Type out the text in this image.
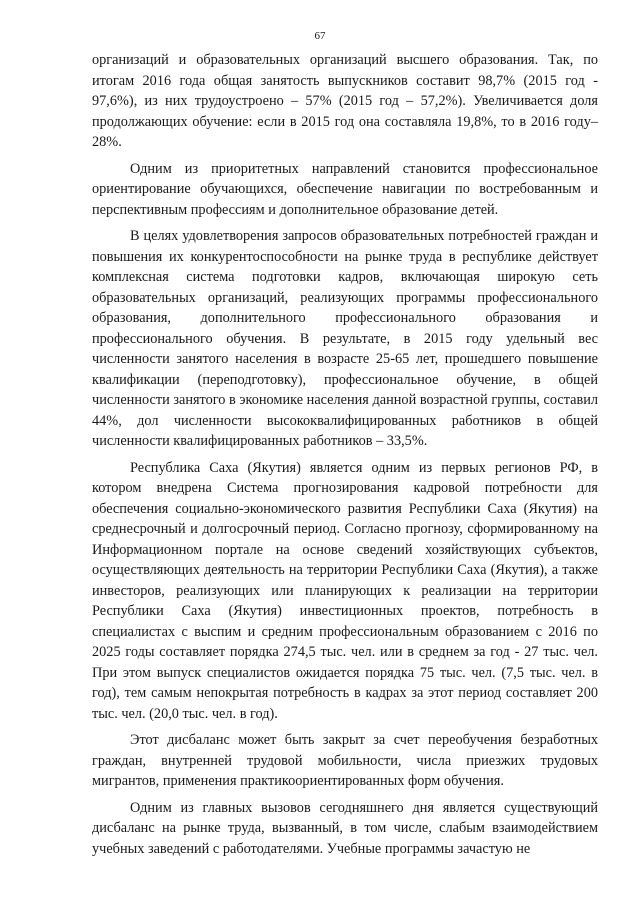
67

организаций и образовательных организаций высшего образования. Так, по итогам 2016 года общая занятость выпускников составит 98,7% (2015 год - 97,6%), из них трудоустроено – 57% (2015 год – 57,2%). Увеличивается доля продолжающих обучение: если в 2015 год она составляла 19,8%, то в 2016 году– 28%.

Одним из приоритетных направлений становится профессиональное ориентирование обучающихся, обеспечение навигации по востребованным и перспективным профессиям и дополнительное образование детей.

В целях удовлетворения запросов образовательных потребностей граждан и повышения их конкурентоспособности на рынке труда в республике действует комплексная система подготовки кадров, включающая широкую сеть образовательных организаций, реализующих программы профессионального образования, дополнительного профессионального образования и профессионального обучения. В результате, в 2015 году удельный вес численности занятого населения в возрасте 25-65 лет, прошедшего повышение квалификации (переподготовку), профессиональное обучение, в общей численности занятого в экономике населения данной возрастной группы, составил 44%, дол численности высококвалифицированных работников в общей численности квалифицированных работников – 33,5%.

Республика Саха (Якутия) является одним из первых регионов РФ, в котором внедрена Система прогнозирования кадровой потребности для обеспечения социально-экономического развития Республики Саха (Якутия) на среднесрочный и долгосрочный период. Согласно прогнозу, сформированному на Информационном портале на основе сведений хозяйствующих субъектов, осуществляющих деятельность на территории Республики Саха (Якутия), а также инвесторов, реализующих или планирующих к реализации на территории Республики Саха (Якутия) инвестиционных проектов, потребность в специалистах с выспим и средним профессиональным образованием с 2016 по 2025 годы составляет порядка 274,5 тыс. чел. или в среднем за год - 27 тыс. чел. При этом выпуск специалистов ожидается порядка 75 тыс. чел. (7,5 тыс. чел. в год), тем самым непокрытая потребность в кадрах за этот период составляет 200 тыс. чел. (20,0 тыс. чел. в год).

Этот дисбаланс может быть закрыт за счет переобучения безработных граждан, внутренней трудовой мобильности, числа приезжих трудовых мигрантов, применения практикоориентированных форм обучения.

Одним из главных вызовов сегодняшнего дня является существующий дисбаланс на рынке труда, вызванный, в том числе, слабым взаимодействием учебных заведений с работодателями. Учебные программы зачастую не
